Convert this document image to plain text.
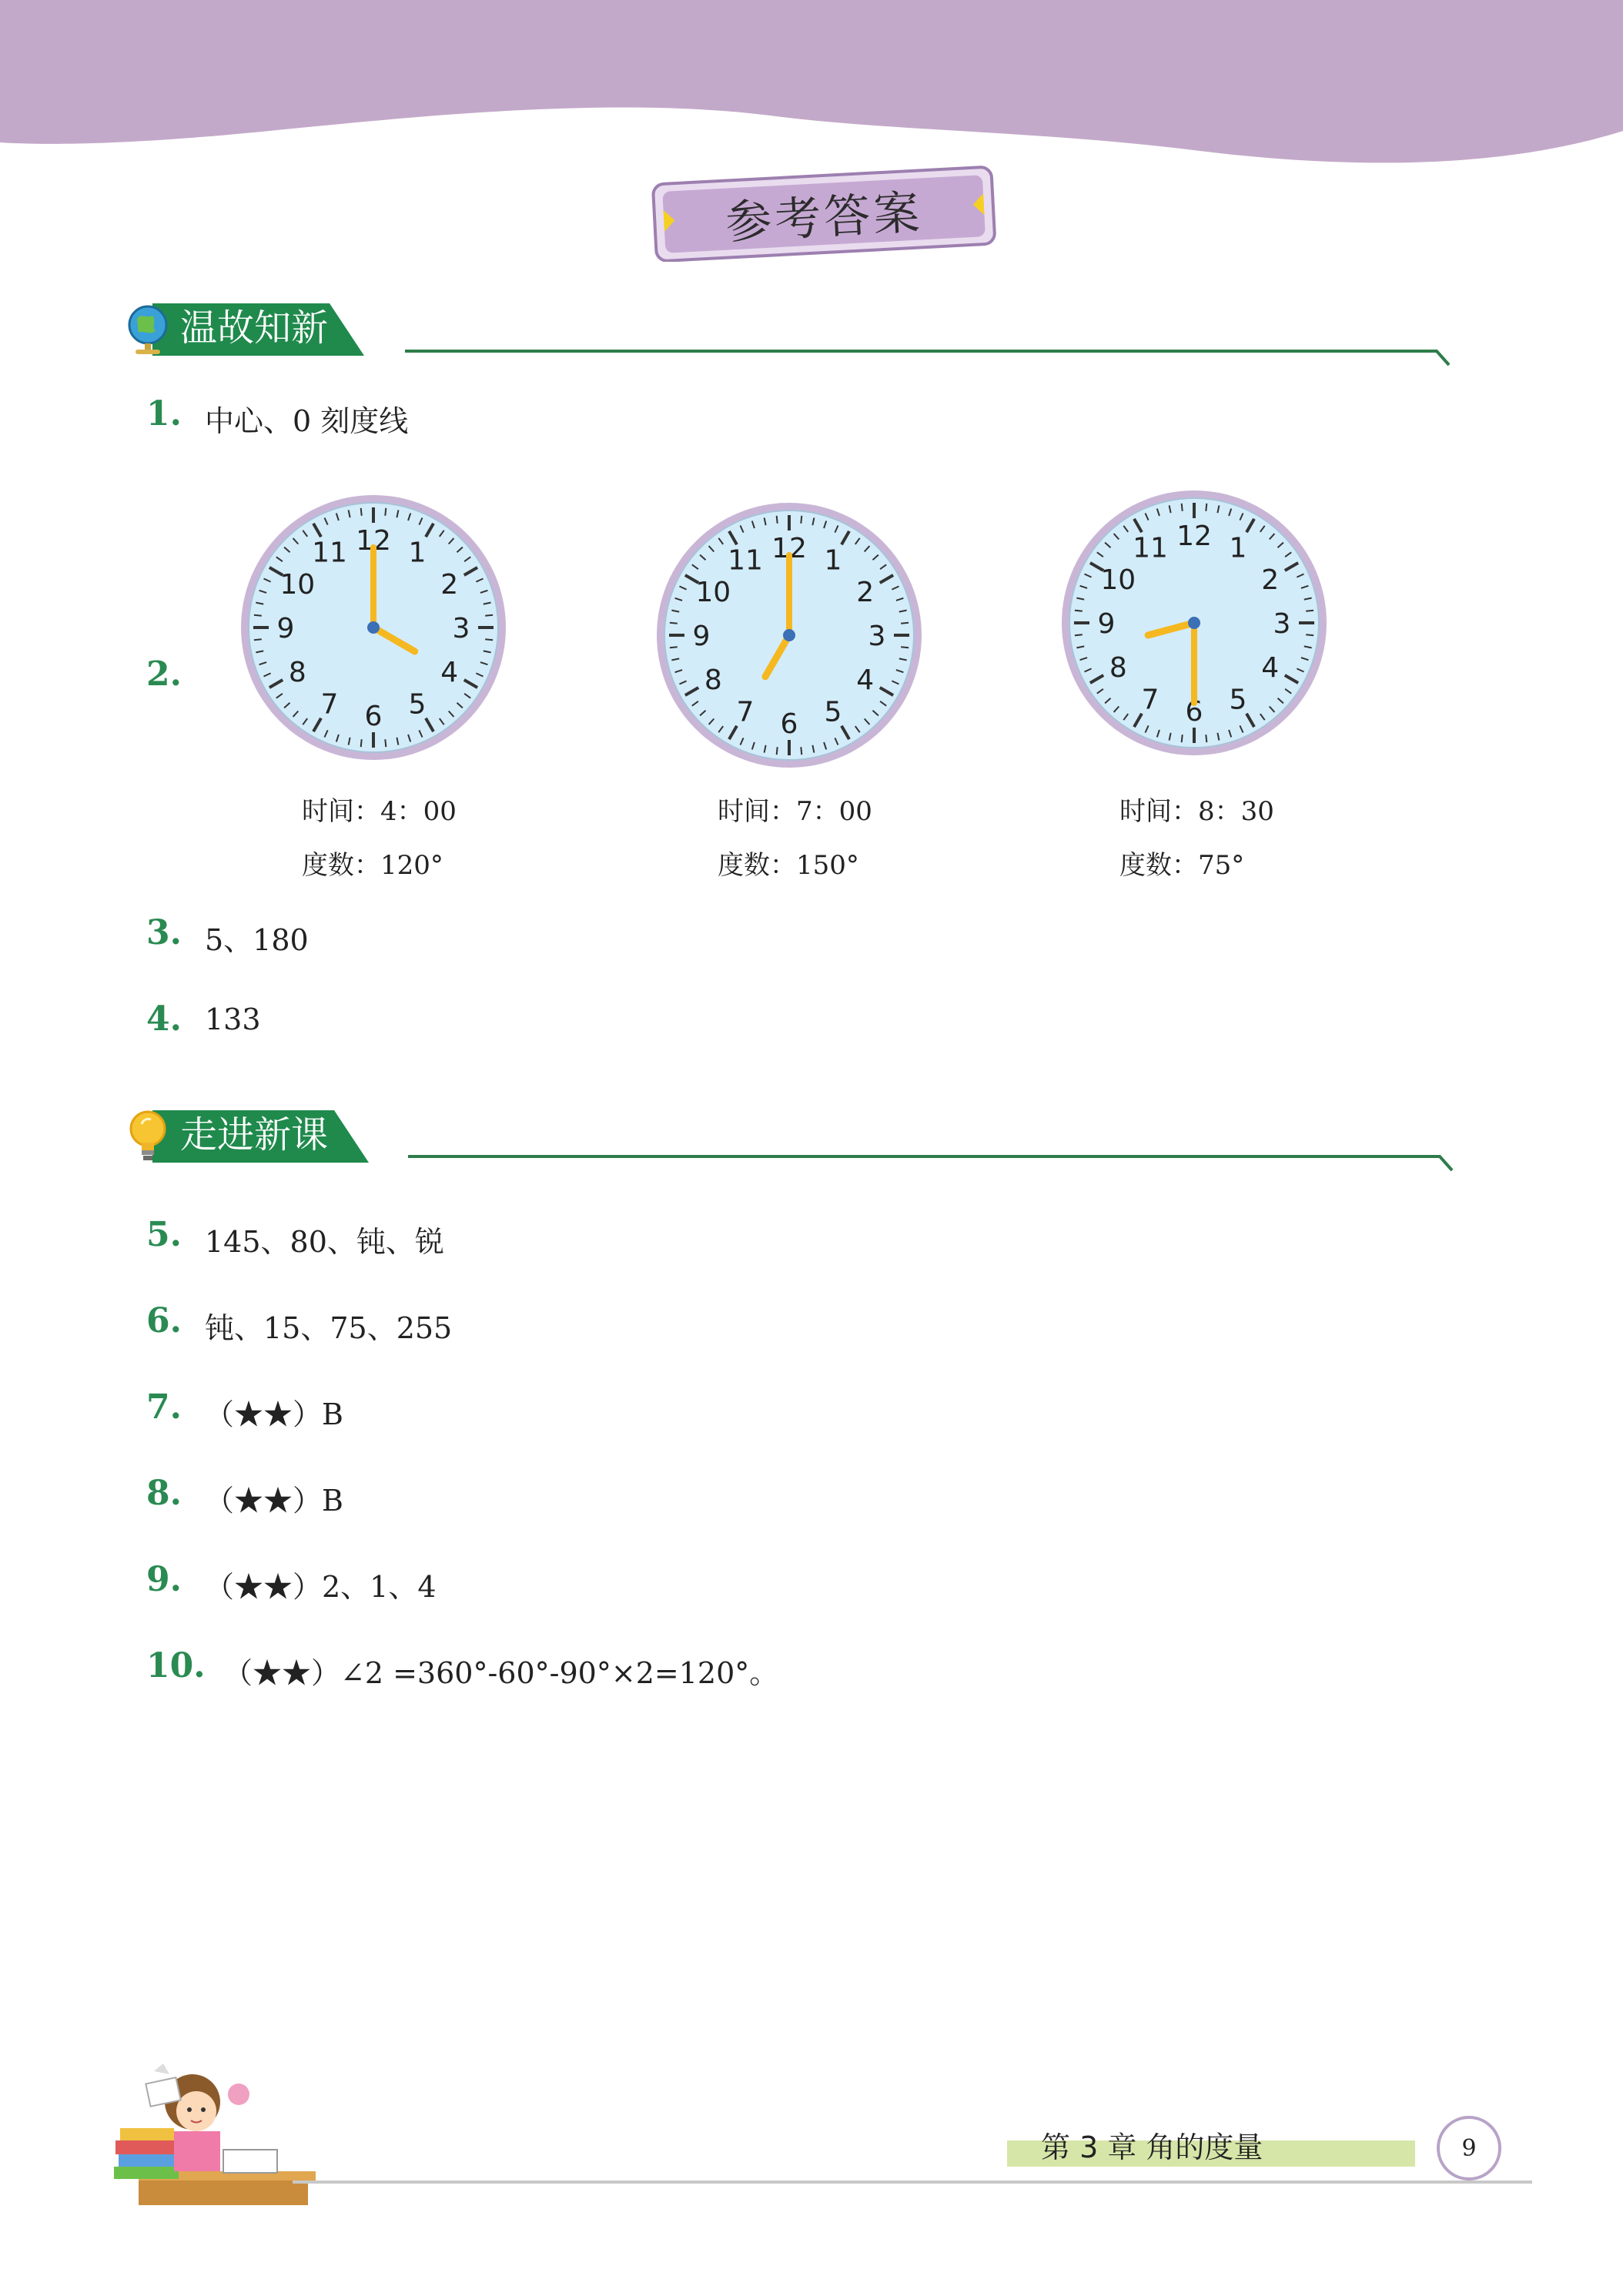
参考答案
温故知新
1. 中心、0 刻度线
2.
12 1
2
3
4
5
6
7
8
9
10
11	12 1
2
3
4
5
6
7
8
9
10
11
12 1
2
3
4
5
6
7
8
9
10
11
时间：4：00
度数：120°
时间：7：00
度数：150°
时间：8：30
度数：75°
3. 5、180
4. 133
走进新课
5. 145、80、钝、锐
6. 钝、15、75、255
7. （★★）B
8. （★★）B
9. （★★）2、1、4
10. （★★）∠2 =360°-60°-90°×2=120°。
第 3 章 角的度量	9
